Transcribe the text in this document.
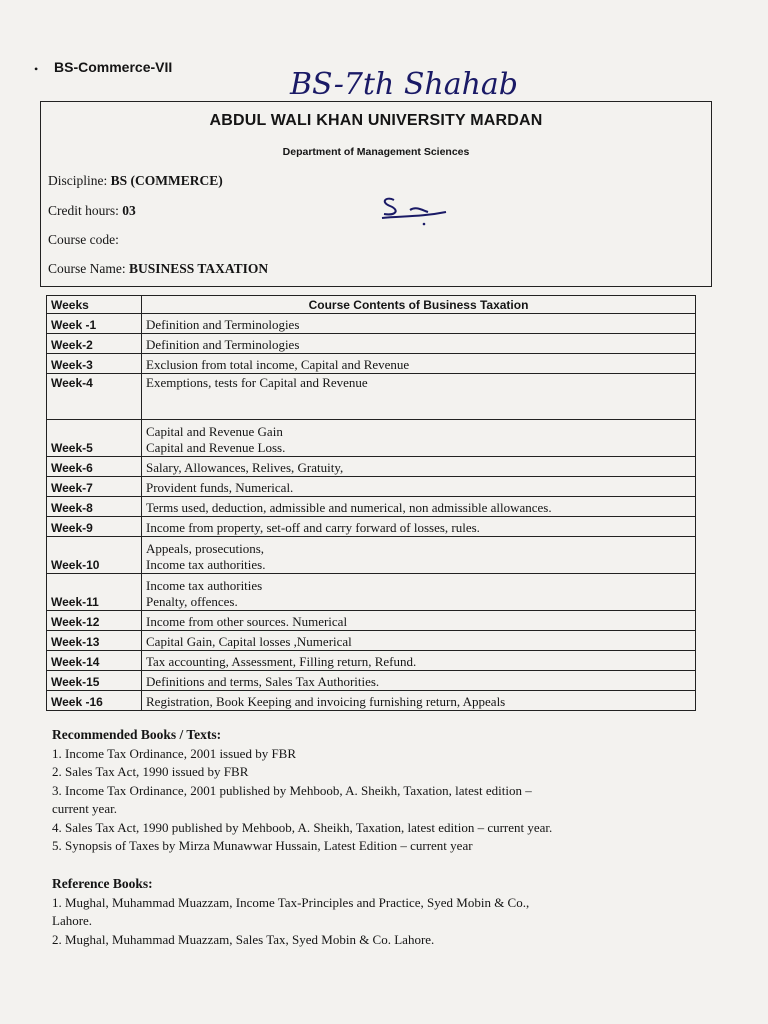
• BS-Commerce-VII	BS-7th Shahab
ABDUL WALI KHAN UNIVERSITY MARDAN
Department of Management Sciences
Discipline: BS (COMMERCE)
Credit hours: 03
Course code:
Course Name: BUSINESS TAXATION
Weeks	Course Contents of Business Taxation
Week -1	Definition and Terminologies
Week-2	Definition and Terminologies
Week-3	Exclusion from total income, Capital and Revenue
Week-4	Exemptions, tests for Capital and Revenue
Week-5	Capital and Revenue Gain
Capital and Revenue Loss.

Week-6	Salary, Allowances, Relives, Gratuity,
Week-7	Provident funds, Numerical.
Week-8	Terms used, deduction, admissible and numerical, non admissible allowances.
Week-9	Income from property, set-off and carry forward of losses, rules.
Week-10	Appeals, prosecutions,
Income tax authorities.

Week-11	Income tax authorities
Penalty, offences.

Week-12	Income from other sources. Numerical
Week-13	Capital Gain, Capital losses ,Numerical
Week-14	Tax accounting, Assessment, Filling return, Refund.
Week-15	Definitions and terms, Sales Tax Authorities.
Week -16	Registration, Book Keeping and invoicing furnishing return, Appeals
Recommended Books / Texts:
1. Income Tax Ordinance, 2001 issued by FBR
2. Sales Tax Act, 1990 issued by FBR
3. Income Tax Ordinance, 2001 published by Mehboob, A. Sheikh, Taxation, latest edition –
current year.
4. Sales Tax Act, 1990 published by Mehboob, A. Sheikh, Taxation, latest edition – current year.
5. Synopsis of Taxes by Mirza Munawwar Hussain, Latest Edition – current year
Reference Books:
1. Mughal, Muhammad Muazzam, Income Tax-Principles and Practice, Syed Mobin & Co.,
Lahore.
2. Mughal, Muhammad Muazzam, Sales Tax, Syed Mobin & Co. Lahore.
